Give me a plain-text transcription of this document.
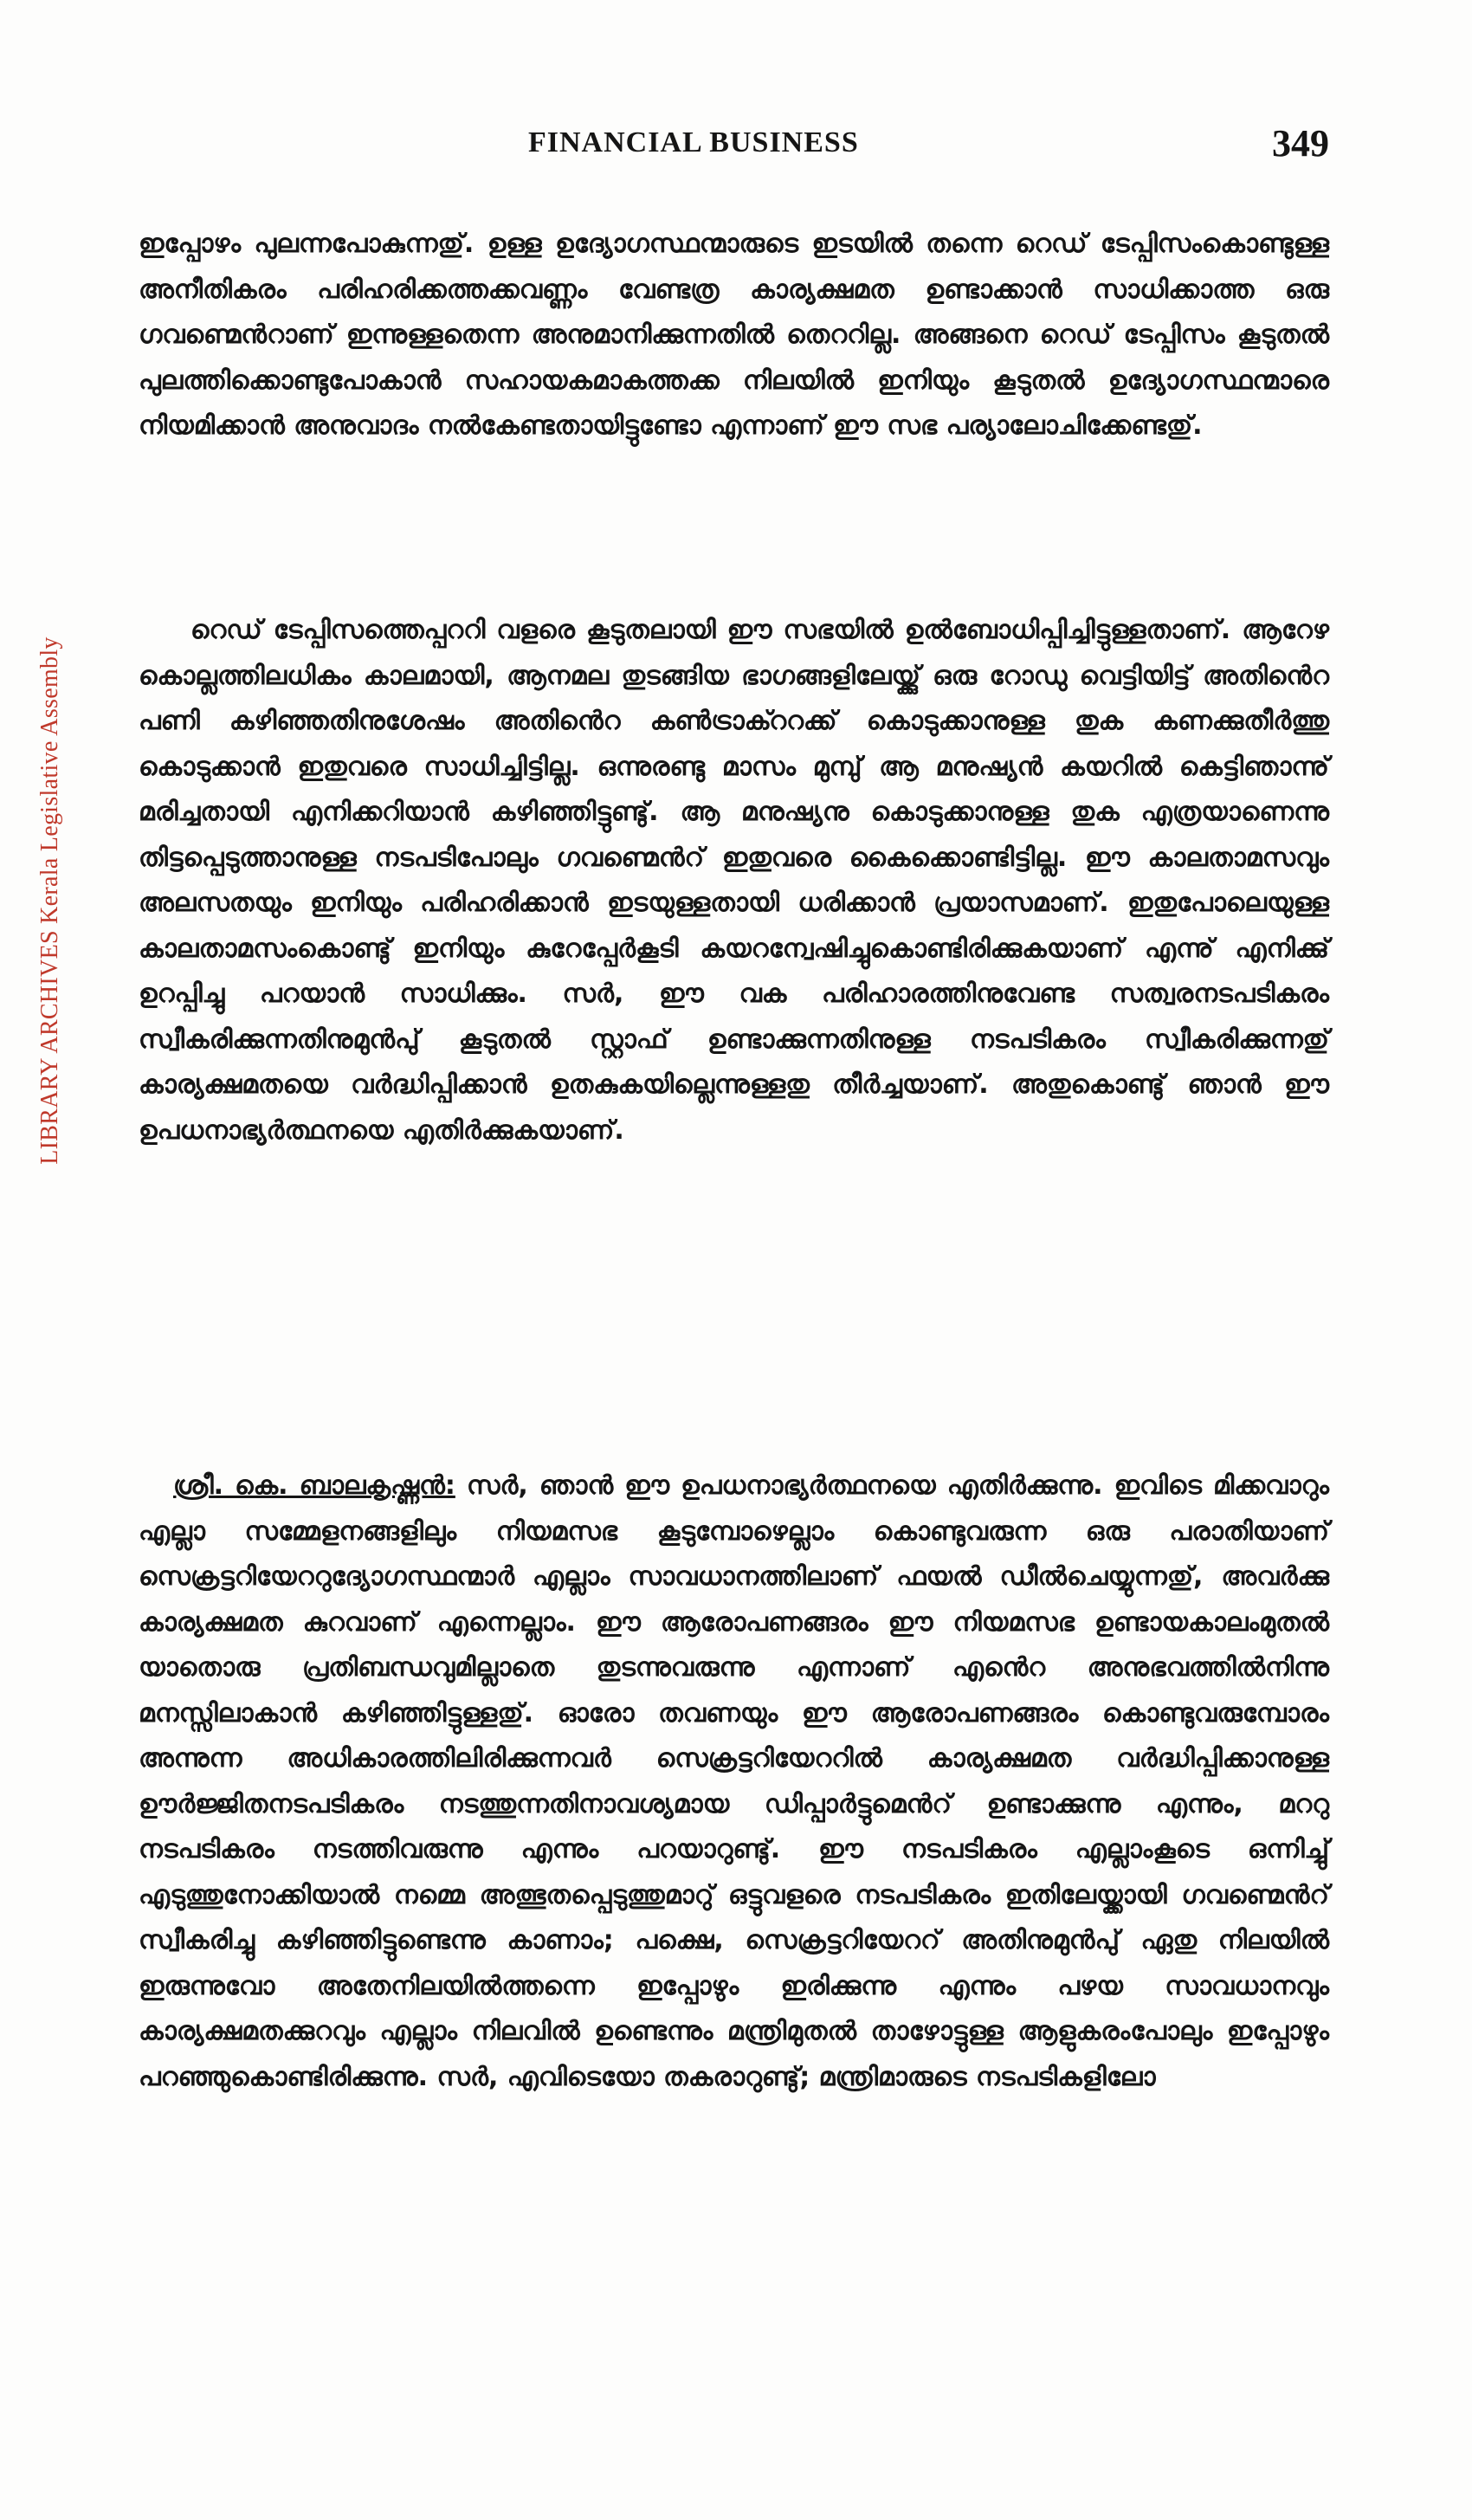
FINANCIAL BUSINESS	349
LIBRARY ARCHIVES Kerala Legislative Assembly

ഇപ്പോഴം പുലന്നപോകുന്നതു്. ഉള്ള ഉദ്യോഗസ്ഥന്മാരുടെ ഇടയിൽ തന്നെ റെഡ് ടേപ്പിസംകൊണ്ടുള്ള അനീതികരം പരിഹരിക്കത്തക്കവണ്ണം വേണ്ടത്ര കാര്യക്ഷമത ഉണ്ടാക്കാൻ സാധിക്കാത്ത ഒരു ഗവണ്മെൻറാണ് ഇന്നുള്ളതെന്ന അനുമാനിക്കുന്നതിൽ തെററില്ല. അങ്ങനെ റെഡ് ടേപ്പിസം കൂടുതൽ പുലത്തിക്കൊണ്ടുപോകാൻ സഹായകമാകത്തക്ക നിലയിൽ ഇനിയും കൂടുതൽ ഉദ്യോഗസ്ഥന്മാരെ നിയമിക്കാൻ അനുവാദം നൽകേണ്ടതായിട്ടുണ്ടോ എന്നാണ് ഈ സഭ പര്യാലോചിക്കേണ്ടതു്.

റെഡ് ടേപ്പിസത്തെപ്പററി വളരെ കൂടുതലായി ഈ സഭയിൽ ഉൽബോധിപ്പിച്ചിട്ടുള്ളതാണ്. ആറേഴ കൊല്ലത്തിലധികം കാലമായി, ആനമല തുടങ്ങിയ ഭാഗങ്ങളിലേയ്ക്കു് ഒരു റോഡു വെട്ടിയിട്ട് അതിൻെറ പണി കഴിഞ്ഞതിനുശേഷം അതിൻെറ കൺട്രാക്ററക്ക് കൊടുക്കാനുള്ള തുക കണക്കുതീർത്തു കൊടുക്കാൻ ഇതുവരെ സാധിച്ചിട്ടില്ല. ഒന്നുരണ്ടു മാസം മുമ്പു് ആ മനുഷ്യൻ കയറിൽ കെട്ടിഞാന്നു് മരിച്ചതായി എനിക്കറിയാൻ കഴിഞ്ഞിട്ടുണ്ടു്. ആ മനുഷ്യനു കൊടുക്കാനുള്ള തുക എത്രയാണെന്നു തിട്ടപ്പെടുത്താനുള്ള നടപടിപോലും ഗവണ്മെൻറ് ഇതുവരെ കൈക്കൊണ്ടിട്ടില്ല. ഈ കാലതാമസവും അലസതയും ഇനിയും പരിഹരിക്കാൻ ഇടയുള്ളതായി ധരിക്കാൻ പ്രയാസമാണ്. ഇതുപോലെയുള്ള കാലതാമസംകൊണ്ടു് ഇനിയും കുറേപ്പേർകൂടി കയറന്വേഷിച്ചുകൊണ്ടിരിക്കുകയാണ് എന്നു് എനിക്കു് ഉറപ്പിച്ചു പറയാൻ സാധിക്കും. സർ, ഈ വക പരിഹാരത്തിനുവേണ്ട സത്വരനടപടികരം സ്വീകരിക്കുന്നതിനുമുൻപു് കൂടുതൽ സ്റ്റാഫ് ഉണ്ടാക്കുന്നതിനുള്ള നടപടികരം സ്വീകരിക്കുന്നതു് കാര്യക്ഷമതയെ വർദ്ധിപ്പിക്കാൻ ഉതകുകയില്ലെന്നുള്ളതു തീർച്ചയാണ്. അതുകൊണ്ടു് ഞാൻ ഈ ഉപധനാഭ്യർത്ഥനയെ എതിർക്കുകയാണ്.

ശ്രീ. കെ. ബാലകൃഷ്ണൻ: സർ, ഞാൻ ഈ ഉപധനാഭ്യർത്ഥനയെ എതിർക്കുന്നു. ഇവിടെ മിക്കവാറും എല്ലാ സമ്മേളനങ്ങളിലും നിയമസഭ കൂടുമ്പോഴെല്ലാം കൊണ്ടുവരുന്ന ഒരു പരാതിയാണ് സെക്രട്ടറിയേററുദ്യോഗസ്ഥന്മാർ എല്ലാം സാവധാനത്തിലാണ് ഫയൽ ഡീൽചെയ്യുന്നതു്, അവർക്കു കാര്യക്ഷമത കുറവാണ് എന്നെല്ലാം. ഈ ആരോപണങ്ങരം ഈ നിയമസഭ ഉണ്ടായകാലംമുതൽ യാതൊരു പ്രതിബന്ധവുമില്ലാതെ തുടന്നുവരുന്നു എന്നാണ് എൻെറ അനുഭവത്തിൽനിന്നു മനസ്സിലാകാൻ കഴിഞ്ഞിട്ടുള്ളതു്. ഓരോ തവണയും ഈ ആരോപണങ്ങരം കൊണ്ടുവരുമ്പോരം അന്നുന്ന അധികാരത്തിലിരിക്കുന്നവർ സെക്രട്ടറിയേററിൽ കാര്യക്ഷമത വർദ്ധിപ്പിക്കാനുള്ള ഊർജ്ജിതനടപടികരം നടത്തുന്നതിനാവശ്യമായ ഡിപ്പാർട്ടുമെൻറ് ഉണ്ടാക്കുന്നു എന്നും, മററു നടപടികരം നടത്തിവരുന്നു എന്നും പറയാറുണ്ടു്. ഈ നടപടികരം എല്ലാംകൂടെ ഒന്നിച്ചു് എടുത്തുനോക്കിയാൽ നമ്മെ അത്ഭുതപ്പെടുത്തുമാറു് ഒട്ടുവളരെ നടപടികരം ഇതിലേയ്ക്കായി ഗവണ്മെൻറ് സ്വീകരിച്ചു കഴിഞ്ഞിട്ടുണ്ടെന്നു കാണാം; പക്ഷെ, സെക്രട്ടറിയേററ് അതിനുമുൻപു് ഏതു നിലയിൽ ഇരുന്നുവോ അതേനിലയിൽത്തന്നെ ഇപ്പോഴും ഇരിക്കുന്നു എന്നും പഴയ സാവധാനവും കാര്യക്ഷമതക്കുറവും എല്ലാം നിലവിൽ ഉണ്ടെന്നും മന്ത്രിമുതൽ താഴോട്ടുള്ള ആളുകരംപോലും ഇപ്പോഴും പറഞ്ഞുകൊണ്ടിരിക്കുന്നു. സർ, എവിടെയോ തകരാറുണ്ടു്; മന്ത്രിമാരുടെ നടപടികളിലോ
